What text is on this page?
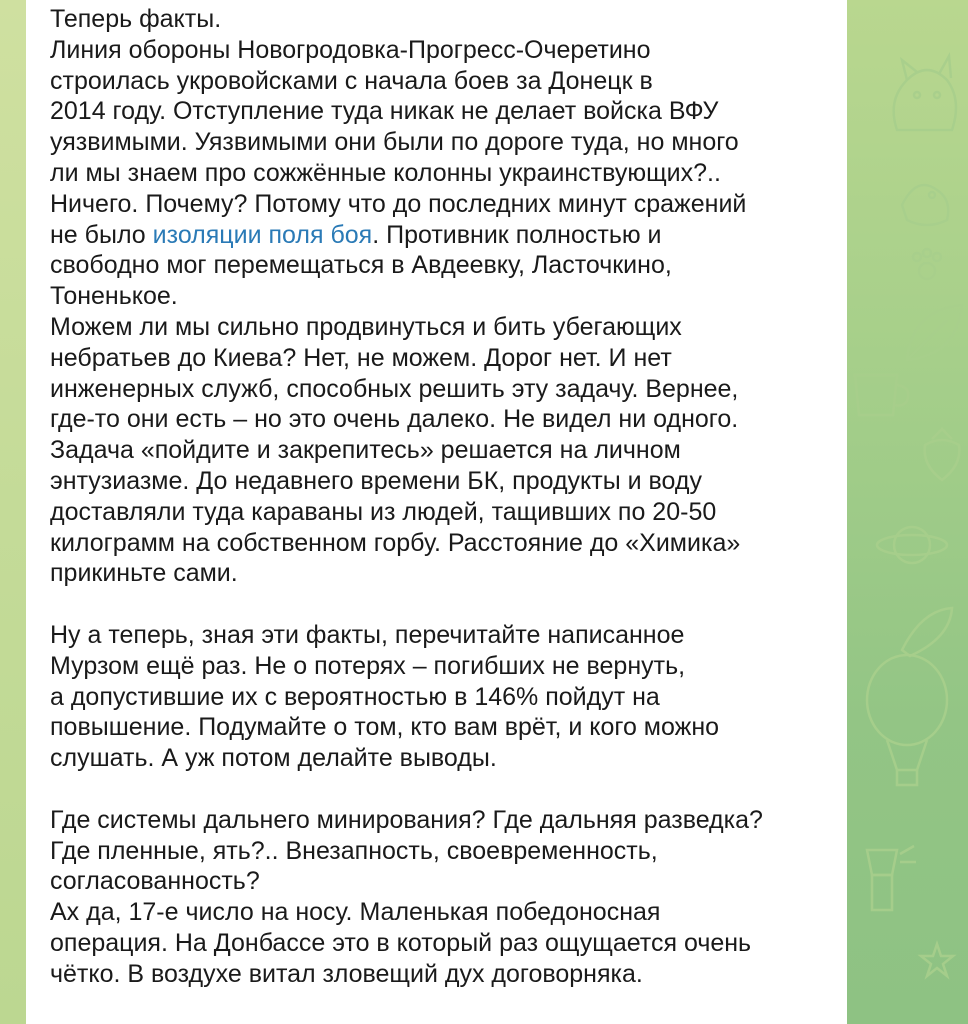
Теперь факты.

Линия обороны Новогродовка-Прогресс-Очеретино

строилась укровойсками с начала боев за Донецк в

2014 году. Отступление туда никак не делает войска ВФУ

уязвимыми. Уязвимыми они были по дороге туда, но много

ли мы знаем про сожжённые колонны украинствующих?..

Ничего. Почему? Потому что до последних минут сражений

не было изоляции поля боя. Противник полностью и

свободно мог перемещаться в Авдеевку, Ласточкино,

Тоненькое.

Можем ли мы сильно продвинуться и бить убегающих

небратьев до Киева? Нет, не можем. Дорог нет. И нет

инженерных служб, способных решить эту задачу. Вернее,

где-то они есть – но это очень далеко. Не видел ни одного.

Задача «пойдите и закрепитесь» решается на личном

энтузиазме. До недавнего времени БК, продукты и воду

доставляли туда караваны из людей, тащивших по 20-50

килограмм на собственном горбу. Расстояние до «Химика»

прикиньте сами.

Ну а теперь, зная эти факты, перечитайте написанное

Мурзом ещё раз. Не о потерях – погибших не вернуть,

а допустившие их с вероятностью в 146% пойдут на

повышение. Подумайте о том, кто вам врёт, и кого можно

слушать. А уж потом делайте выводы.

Где системы дальнего минирования? Где дальняя разведка?

Где пленные, ять?.. Внезапность, своевременность,

согласованность?

Ах да, 17-е число на носу. Маленькая победоносная

операция. На Донбассе это в который раз ощущается очень

чётко. В воздухе витал зловещий дух договорняка.
